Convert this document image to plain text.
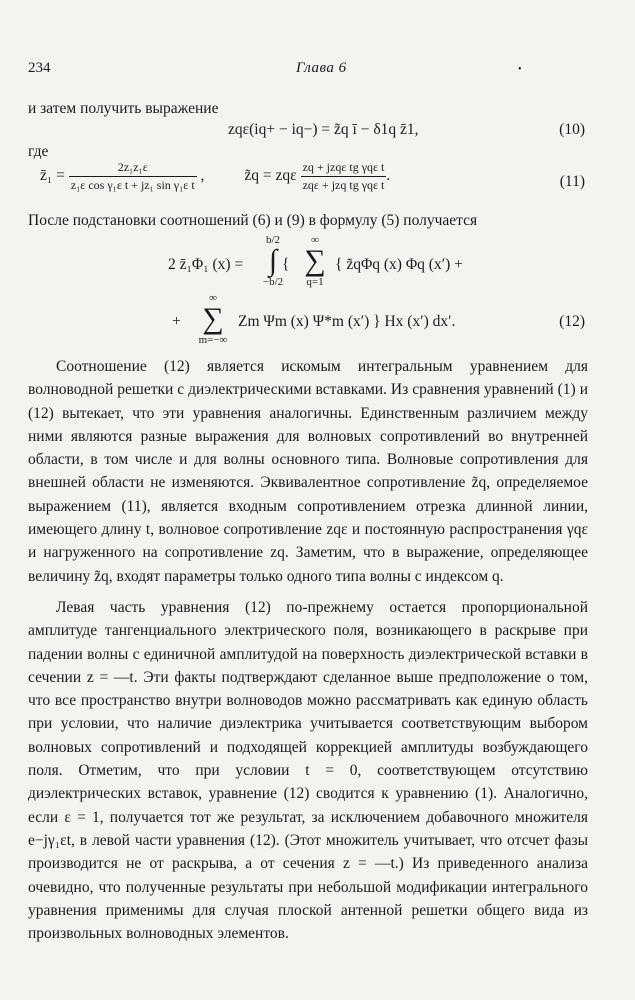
234	Глава 6	•
и затем получить выражение
zqε(iq+ − iq−) = z̃q ī − δ1q z̄1,	(10)
где
z̄₁ = $\frac{\text{2z₁z₁ε}}{\text{z₁ε cos γ₁ε t + jz₁ sin γ₁ε t}}$ ,	z̃q = zqε $\frac{\text{zq + jzqε tg γqε t}}{\text{zqε + jzq tg γqε t}}$ .	(11)
После подстановки соотношений (6) и (9) в формулу (5) получается
2 z̄₁Φ₁ (x) =
b/2
∫
−b/2
∞
∑
q=1
{	{ z̃qΦq (x) Φq (x′) +
+
∞
∑
m=−∞
Zm Ψm (x) Ψ*m (x′) } Hx (x′) dx′.	(12)

Соотношение (12) является искомым интегральным уравнением для волноводной решетки с диэлектрическими вставками. Из сравнения уравнений (1) и (12) вытекает, что эти уравнения аналогичны. Единственным различием между ними являются разные выражения для волновых сопротивлений во внутренней области, в том числе и для волны основного типа. Волновые сопротивления для внешней области не изменяются. Эквивалентное сопротивление z̃q, определяемое выражением (11), является входным сопротивлением отрезка длинной линии, имеющего длину t, волновое сопротивление zqε и постоянную распространения γqε и нагруженного на сопротивление zq. Заметим, что в выражение, определяющее величину z̃q, входят параметры только одного типа волны с индексом q.

Левая часть уравнения (12) по-прежнему остается пропорциональной амплитуде тангенциального электрического поля, возникающего в раскрыве при падении волны с единичной амплитудой на поверхность диэлектрической вставки в сечении z = —t. Эти факты подтверждают сделанное выше предположение о том, что все пространство внутри волноводов можно рассматривать как единую область при условии, что наличие диэлектрика учитывается соответствующим выбором волновых сопротивлений и подходящей коррекцией амплитуды возбуждающего поля. Отметим, что при условии t = 0, соответствующем отсутствию диэлектрических вставок, уравнение (12) сводится к уравнению (1). Аналогично, если ε = 1, получается тот же результат, за исключением добавочного множителя e−jγ₁εt, в левой части уравнения (12). (Этот множитель учитывает, что отсчет фазы производится не от раскрыва, а от сечения z = —t.) Из приведенного анализа очевидно, что полученные результаты при небольшой модификации интегрального уравнения применимы для случая плоской антенной решетки общего вида из произвольных волноводных элементов.
